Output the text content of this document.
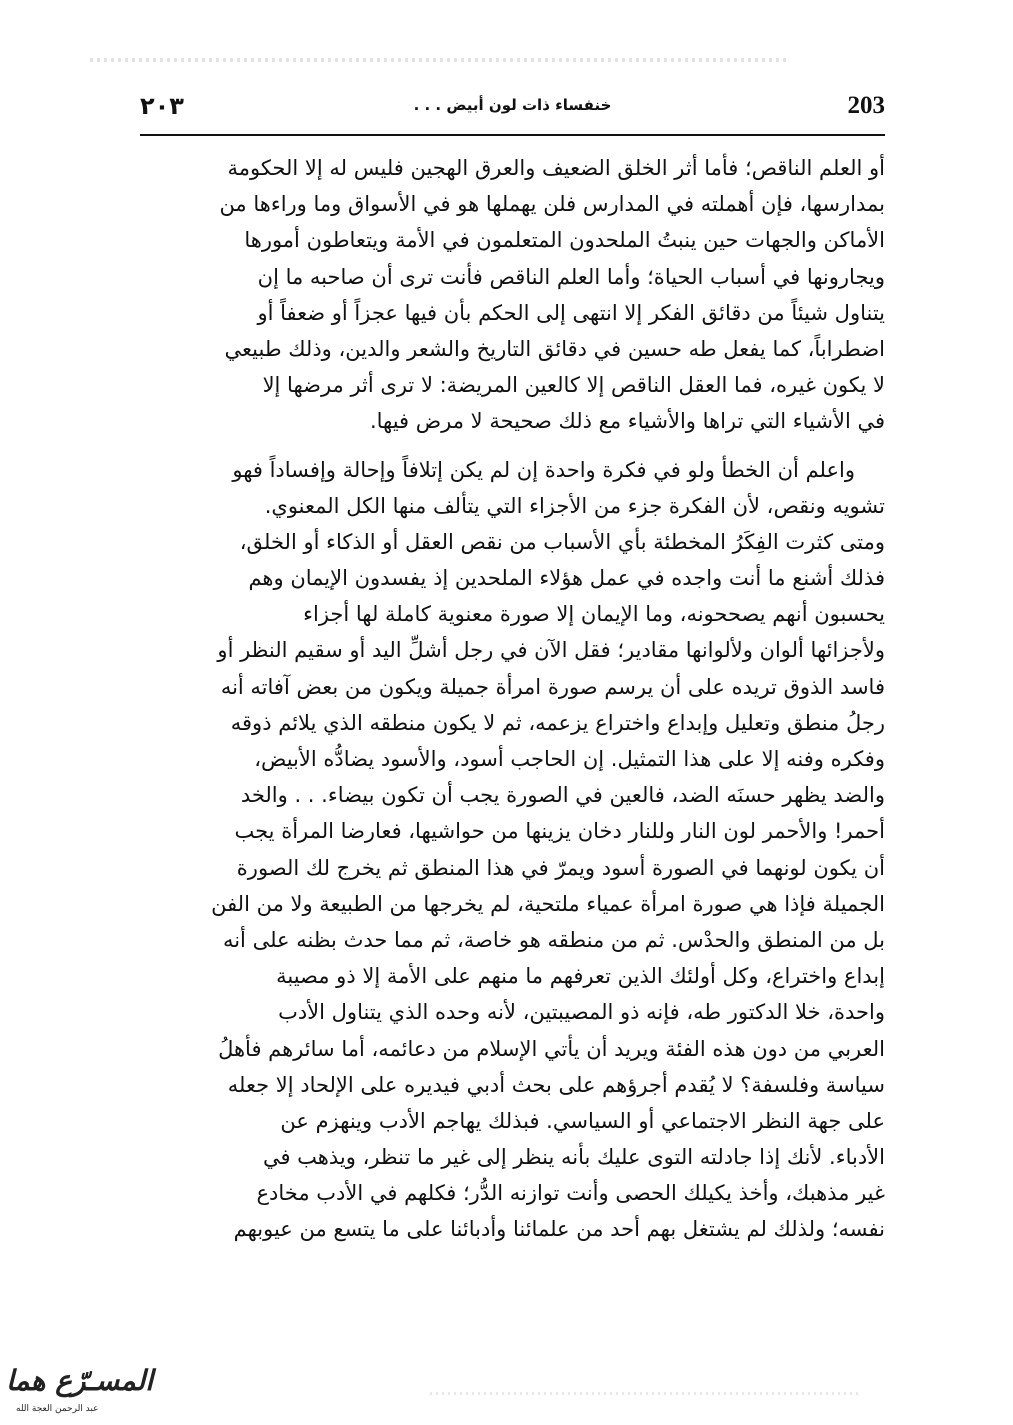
203
خنفساء ذات لون أبيض . . .
٢٠٣
أو العلم الناقص؛ فأما أثر الخلق الضعيف والعرق الهجين فليس له إلا الحكومة
بمدارسها، فإن أهملته في المدارس فلن يهملها هو في الأسواق وما وراءها من
الأماكن والجهات حين ينبتُ الملحدون المتعلمون في الأمة ويتعاطون أمورها
ويجارونها في أسباب الحياة؛ وأما العلم الناقص فأنت ترى أن صاحبه ما إن
يتناول شيئاً من دقائق الفكر إلا انتهى إلى الحكم بأن فيها عجزاً أو ضعفاً أو
اضطراباً، كما يفعل طه حسين في دقائق التاريخ والشعر والدين، وذلك طبيعي
لا يكون غيره، فما العقل الناقص إلا كالعين المريضة: لا ترى أثر مرضها إلا
في الأشياء التي تراها والأشياء مع ذلك صحيحة لا مرض فيها.
واعلم أن الخطأ ولو في فكرة واحدة إن لم يكن إتلافاً وإحالة وإفساداً فهو
تشويه ونقص، لأن الفكرة جزء من الأجزاء التي يتألف منها الكل المعنوي.
ومتى كثرت الفِكَرُ المخطئة بأي الأسباب من نقص العقل أو الذكاء أو الخلق،
فذلك أشنع ما أنت واجده في عمل هؤلاء الملحدين إذ يفسدون الإيمان وهم
يحسبون أنهم يصححونه، وما الإيمان إلا صورة معنوية كاملة لها أجزاء
ولأجزائها ألوان ولألوانها مقادير؛ فقل الآن في رجل أشلِّ اليد أو سقيم النظر أو
فاسد الذوق تريده على أن يرسم صورة امرأة جميلة ويكون من بعض آفاته أنه
رجلُ منطق وتعليل وإبداع واختراع يزعمه، ثم لا يكون منطقه الذي يلائم ذوقه
وفكره وفنه إلا على هذا التمثيل. إن الحاجب أسود، والأسود يضادُّه الأبيض،
والضد يظهر حسنَه الضد، فالعين في الصورة يجب أن تكون بيضاء. . . والخد
أحمر! والأحمر لون النار وللنار دخان يزينها من حواشيها، فعارضا المرأة يجب
أن يكون لونهما في الصورة أسود ويمرّ في هذا المنطق ثم يخرج لك الصورة
الجميلة فإذا هي صورة امرأة عمياء ملتحية، لم يخرجها من الطبيعة ولا من الفن
بل من المنطق والحدْس. ثم من منطقه هو خاصة، ثم مما حدث بظنه على أنه
إبداع واختراع، وكل أولئك الذين تعرفهم ما منهم على الأمة إلا ذو مصيبة
واحدة، خلا الدكتور طه، فإنه ذو المصيبتين، لأنه وحده الذي يتناول الأدب
العربي من دون هذه الفئة ويريد أن يأتي الإسلام من دعائمه، أما سائرهم فأهلُ
سياسة وفلسفة؟ لا يُقدم أجرؤهم على بحث أدبي فيديره على الإلحاد إلا جعله
على جهة النظر الاجتماعي أو السياسي. فبذلك يهاجم الأدب وينهزم عن
الأدباء. لأنك إذا جادلته التوى عليك بأنه ينظر إلى غير ما تنظر، ويذهب في
غير مذهبك، وأخذ يكيلك الحصى وأنت توازنه الدُّر؛ فكلهم في الأدب مخادع
نفسه؛ ولذلك لم يشتغل بهم أحد من علمائنا وأدبائنا على ما يتسع من عيوبهم
المسـرّع هما
عبد الرحمن العجة الله
